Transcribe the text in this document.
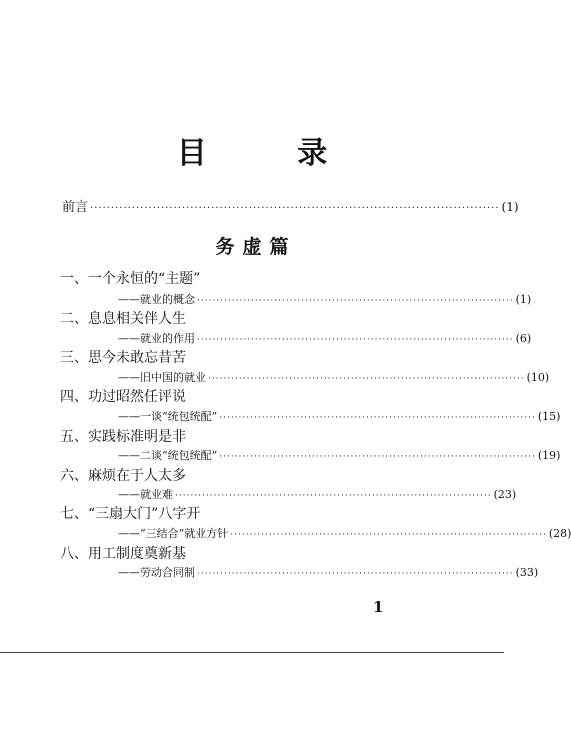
目 录
前言 ·································································································· (1)
务虚篇
一、一个永恒的“主题”
——就业的概念 ·················································································· (1)
二、息息相关伴人生
——就业的作用 ·················································································· (6)
三、思今未敢忘昔苦
——旧中国的就业 ·················································································· (10)
四、功过昭然任评说
——一谈“统包统配” ·················································································· (15)
五、实践标准明是非
——二谈“统包统配” ·················································································· (19)
六、麻烦在于人太多
——就业难 ·················································································· (23)
七、“三扇大门”八字开
——“三结合”就业方针 ·················································································· (28)
八、用工制度奠新基
——劳动合同制 ·················································································· (33)
1
